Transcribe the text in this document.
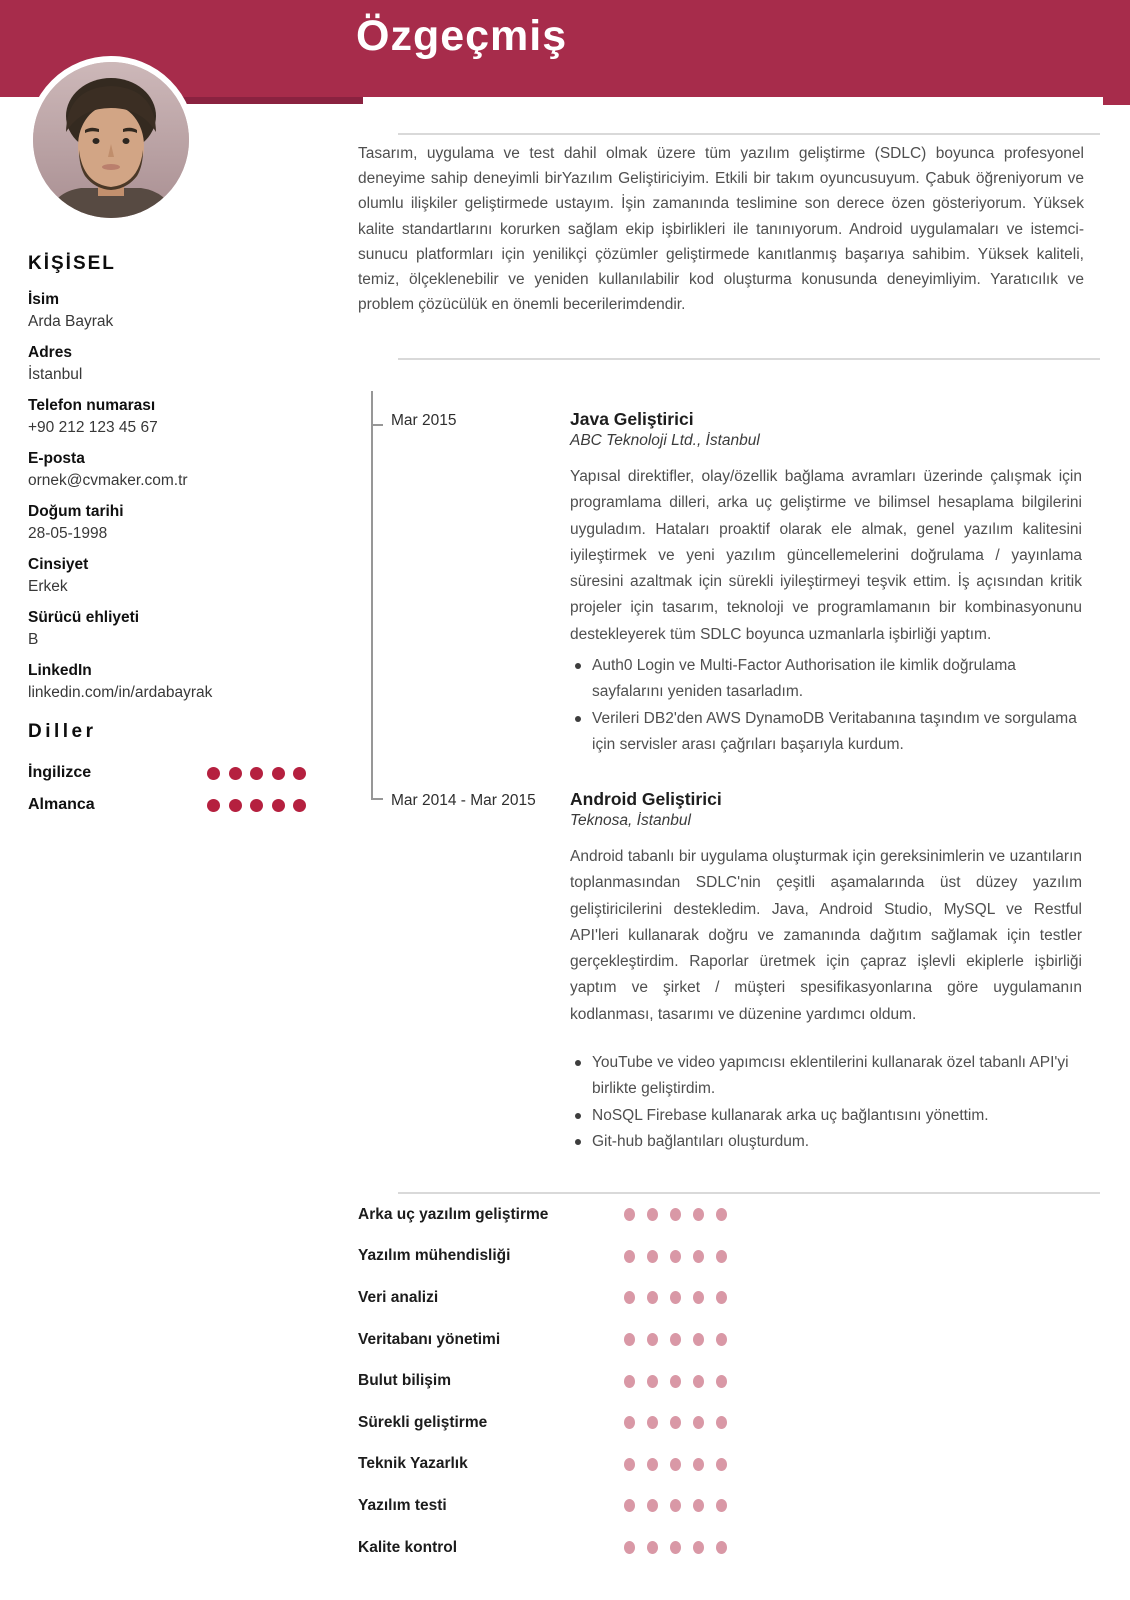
Özgeçmiş
KİŞİSEL
İsim
Arda Bayrak
Adres
İstanbul
Telefon numarası
+90 212 123 45 67
E-posta
ornek@cvmaker.com.tr
Doğum tarihi
28-05-1998
Cinsiyet
Erkek
Sürücü ehliyeti
B
LinkedIn
linkedin.com/in/ardabayrak
Diller
İngilizce
Almanca

Tasarım, uygulama ve test dahil olmak üzere tüm yazılım geliştirme (SDLC) boyunca profesyonel deneyime sahip deneyimli birYazılım Geliştiriciyim. Etkili bir takım oyuncusuyum. Çabuk öğreniyorum ve olumlu ilişkiler geliştirmede ustayım. İşin zamanında teslimine son derece özen gösteriyorum. Yüksek kalite standartlarını korurken sağlam ekip işbirlikleri ile tanınıyorum. Android uygulamaları ve istemci-sunucu platformları için yenilikçi çözümler geliştirmede kanıtlanmış başarıya sahibim. Yüksek kaliteli, temiz, ölçeklenebilir ve yeniden kullanılabilir kod oluşturma konusunda deneyimliyim. Yaratıcılık ve problem çözücülük en önemli becerilerimdendir.

Mar 2015	Java Geliştirici
ABC Teknoloji Ltd., İstanbul

Yapısal direktifler, olay/özellik bağlama avramları üzerinde çalışmak için programlama dilleri, arka uç geliştirme ve bilimsel hesaplama bilgilerini uyguladım. Hataları proaktif olarak ele almak, genel yazılım kalitesini iyileştirmek ve yeni yazılım güncellemelerini doğrulama / yayınlama süresini azaltmak için sürekli iyileştirmeyi teşvik ettim. İş açısından kritik projeler için tasarım, teknoloji ve programlamanın bir kombinasyonunu destekleyerek tüm SDLC boyunca uzmanlarla işbirliği yaptım.

Auth0 Login ve Multi-Factor Authorisation ile kimlik doğrulama sayfalarını yeniden tasarladım.
Verileri DB2'den AWS DynamoDB Veritabanına taşındım ve sorgulama için servisler arası çağrıları başarıyla kurdum.
Mar 2014 - Mar 2015	Android Geliştirici
Teknosa, İstanbul

Android tabanlı bir uygulama oluşturmak için gereksinimlerin ve uzantıların toplanmasından SDLC'nin çeşitli aşamalarında üst düzey yazılım geliştiricilerini destekledim. Java, Android Studio, MySQL ve Restful API'leri kullanarak doğru ve zamanında dağıtım sağlamak için testler gerçekleştirdim. Raporlar üretmek için çapraz işlevli ekiplerle işbirliği yaptım ve şirket / müşteri spesifikasyonlarına göre uygulamanın kodlanması, tasarımı ve düzenine yardımcı oldum.

YouTube ve video yapımcısı eklentilerini kullanarak özel tabanlı API'yi birlikte geliştirdim.
NoSQL Firebase kullanarak arka uç bağlantısını yönettim.
Git-hub bağlantıları oluşturdum.
Arka uç yazılım geliştirme
Yazılım mühendisliği
Veri analizi
Veritabanı yönetimi
Bulut bilişim
Sürekli geliştirme
Teknik Yazarlık
Yazılım testi
Kalite kontrol
